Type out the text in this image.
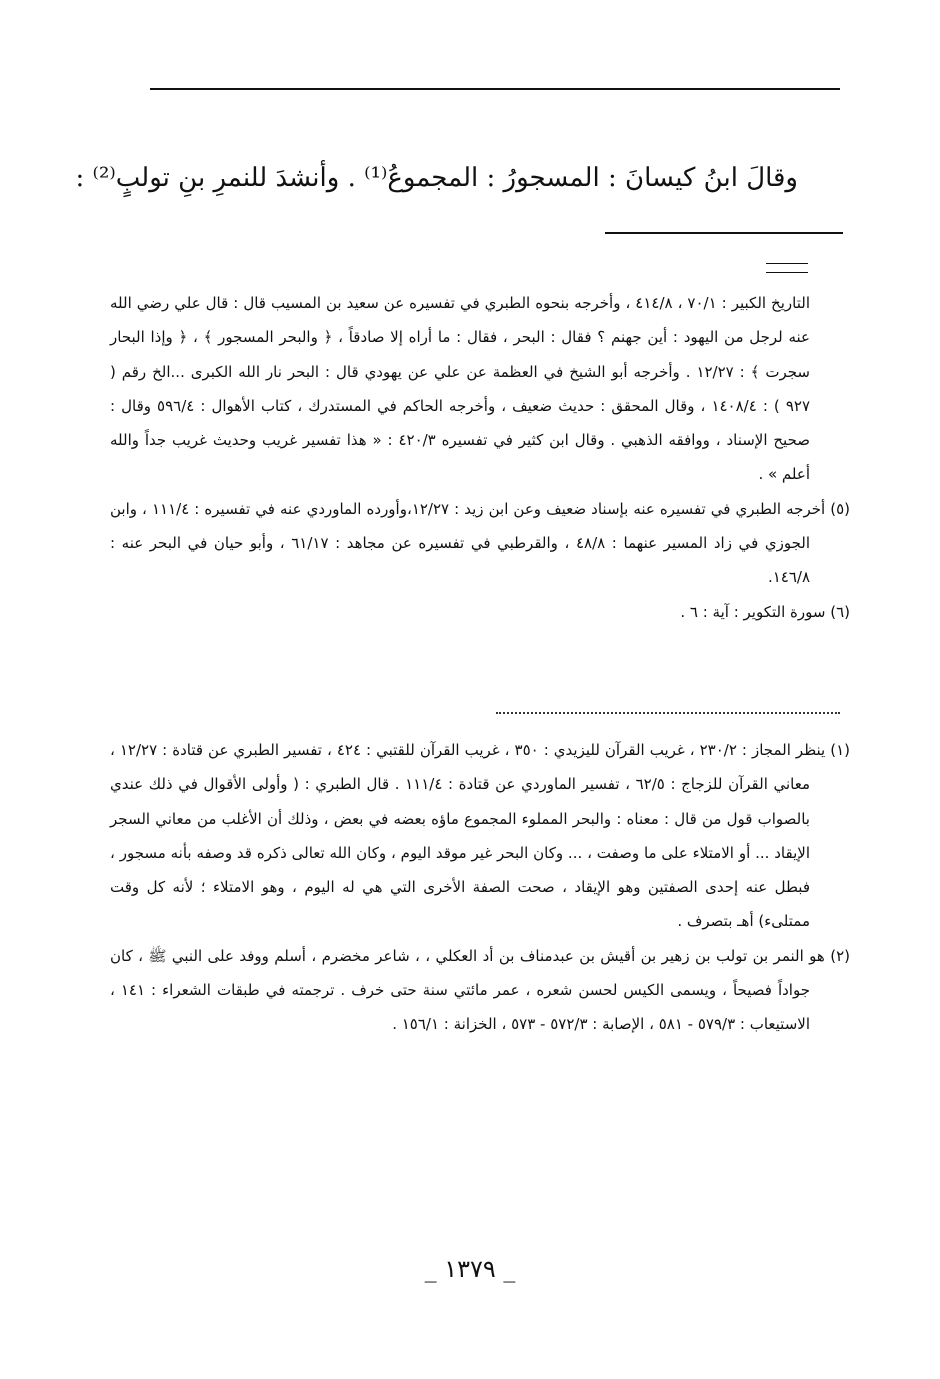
وقالَ ابنُ كيسانَ : المسجورُ : المجموعُ⁽¹⁾ . وأنشدَ للنمرِ بنِ تولبٍ⁽²⁾ :

التاريخ الكبير : ٧٠/١ ، ٤١٤/٨ ، وأخرجه بنحوه الطبري في تفسيره عن سعيد بن المسيب قال : قال علي رضي الله عنه لرجل من اليهود : أين جهنم ؟ فقال : البحر ، فقال : ما أراه إلا صادقاً ، ﴿ والبحر المسجور ﴾ ، ﴿ وإذا البحار سجرت ﴾ : ١٢/٢٧ . وأخرجه أبو الشيخ في العظمة عن علي عن يهودي قال : البحر نار الله الكبرى ...الخ رقم ( ٩٢٧ ) : ١٤٠٨/٤ ، وقال المحقق : حديث ضعيف ، وأخرجه الحاكم في المستدرك ، كتاب الأهوال : ٥٩٦/٤ وقال : صحيح الإسناد ، ووافقه الذهبي . وقال ابن كثير في تفسيره ٤٢٠/٣ : « هذا تفسير غريب وحديث غريب جداً والله أعلم » .

(٥) أخرجه الطبري في تفسيره عنه بإسناد ضعيف وعن ابن زيد : ١٢/٢٧،وأورده الماوردي عنه في تفسيره : ١١١/٤ ، وابن الجوزي في زاد المسير عنهما : ٤٨/٨ ، والقرطبي في تفسيره عن مجاهد : ٦١/١٧ ، وأبو حيان في البحر عنه : ١٤٦/٨.

(٦) سورة التكوير : آية : ٦ .

(١) ينظر المجاز : ٢٣٠/٢ ، غريب القرآن لليزيدي : ٣٥٠ ، غريب القرآن للقتبي : ٤٢٤ ، تفسير الطبري عن قتادة : ١٢/٢٧ ، معاني القرآن للزجاج : ٦٢/٥ ، تفسير الماوردي عن قتادة : ١١١/٤ . قال الطبري : ( وأولى الأقوال في ذلك عندي بالصواب قول من قال : معناه : والبحر المملوء المجموع ماؤه بعضه في بعض ، وذلك أن الأغلب من معاني السجر الإيقاد ... أو الامتلاء على ما وصفت ، ... وكان البحر غير موقد اليوم ، وكان الله تعالى ذكره قد وصفه بأنه مسجور ، فبطل عنه إحدى الصفتين وهو الإيقاد ، صحت الصفة الأخرى التي هي له اليوم ، وهو الامتلاء ؛ لأنه كل وقت ممتلىء) أهـ بتصرف .

(٢) هو النمر بن تولب بن زهير بن أقيش بن عبدمناف بن أد العكلي ، ، شاعر مخضرم ، أسلم ووفد على النبي ﷺ ، كان جواداً فصيحاً ، ويسمى الكيس لحسن شعره ، عمر مائتي سنة حتى خرف . ترجمته في طبقات الشعراء : ١٤١ ، الاستيعاب : ٥٧٩/٣ - ٥٨١ ، الإصابة : ٥٧٢/٣ - ٥٧٣ ، الخزانة : ١٥٦/١ .

_ ١٣٧٩ _
